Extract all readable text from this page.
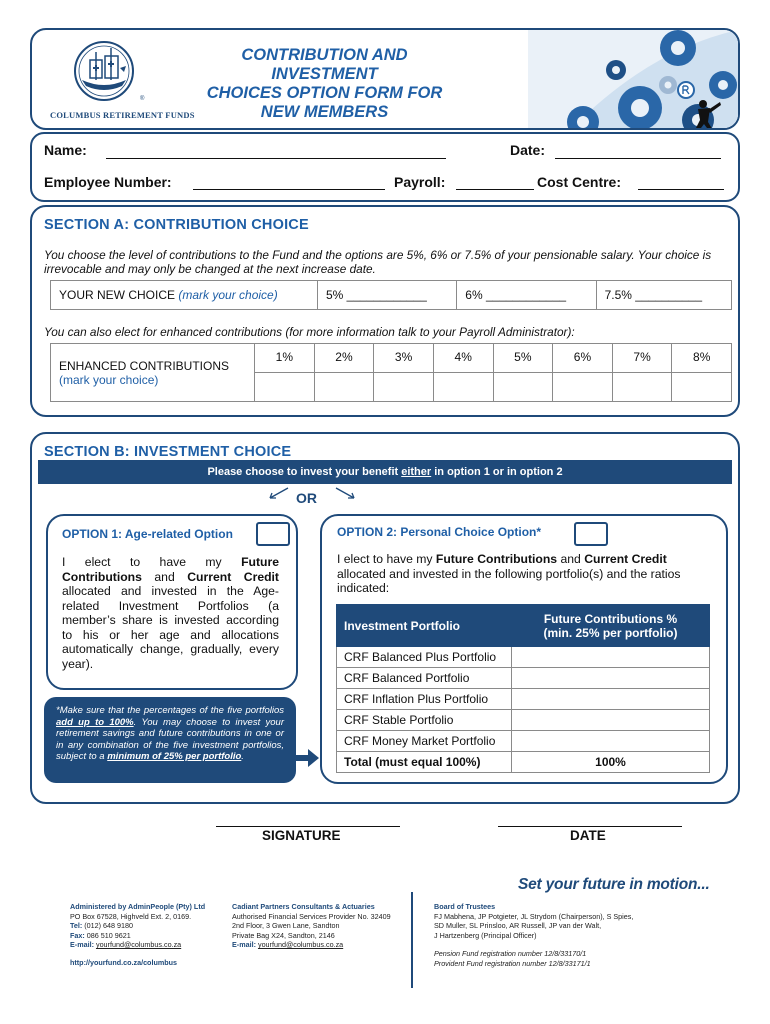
®
COLUMBUS RETIREMENT FUNDS
CONTRIBUTION AND INVESTMENT
CHOICES OPTION FORM FOR
NEW MEMBERS
Name:	Date:
Employee Number:	Payroll:	Cost Centre:
SECTION A: CONTRIBUTION CHOICE
You choose the level of contributions to the Fund and the options are 5%, 6% or 7.5% of your pensionable salary. Your choice is irrevocable and may only be changed at the next increase date.
YOUR NEW CHOICE (mark your choice)	5% ____________	6% ____________	7.5% __________
You can also elect for enhanced contributions (for more information talk to your Payroll Administrator):
ENHANCED CONTRIBUTIONS
(mark your choice)	1%	2%	3%	4%	5%	6%	7%	8%

SECTION B: INVESTMENT CHOICE
Please choose to invest your benefit either in option 1 or in option 2
OR
OPTION 1: Age-related Option
I elect to have my Future Contributions and Current Credit allocated and invested in the Age-related Investment Portfolios (a member’s share is invested according to his or her age and allocations automatically change, gradually, every year).
*Make sure that the percentages of the five portfolios add up to 100%. You may choose to invest your retirement savings and future contributions in one or in any combination of the five investment portfolios, subject to a minimum of 25% per portfolio.
OPTION 2: Personal Choice Option*
I elect to have my Future Contributions and Current Credit allocated and invested in the following portfolio(s) and the ratios indicated:
Investment Portfolio	Future Contributions %
(min. 25% per portfolio)

CRF Balanced Plus Portfolio	
CRF Balanced Portfolio	
CRF Inflation Plus Portfolio	
CRF Stable Portfolio	
CRF Money Market Portfolio	
Total (must equal 100%)	100%
SIGNATURE	DATE
Set your future in motion...
Administered by AdminPeople (Pty) Ltd
PO Box 67528, Highveld Ext. 2, 0169.
Tel: (012) 648 9180
Fax: 086 510 9621
E-mail: yourfund@columbus.co.za
http://yourfund.co.za/columbus
Cadiant Partners Consultants & Actuaries
Authorised Financial Services Provider No. 32409
2nd Floor, 3 Gwen Lane, Sandton
Private Bag X24, Sandton, 2146
E-mail: yourfund@columbus.co.za
Board of Trustees
FJ Mabhena, JP Potgieter, JL Strydom (Chairperson), S Spies,
SD Muller, SL Prinsloo, AR Russell, JP van der Walt,
J Hartzenberg (Principal Officer)
Pension Fund registration number 12/8/33170/1
Provident Fund registration number 12/8/33171/1
